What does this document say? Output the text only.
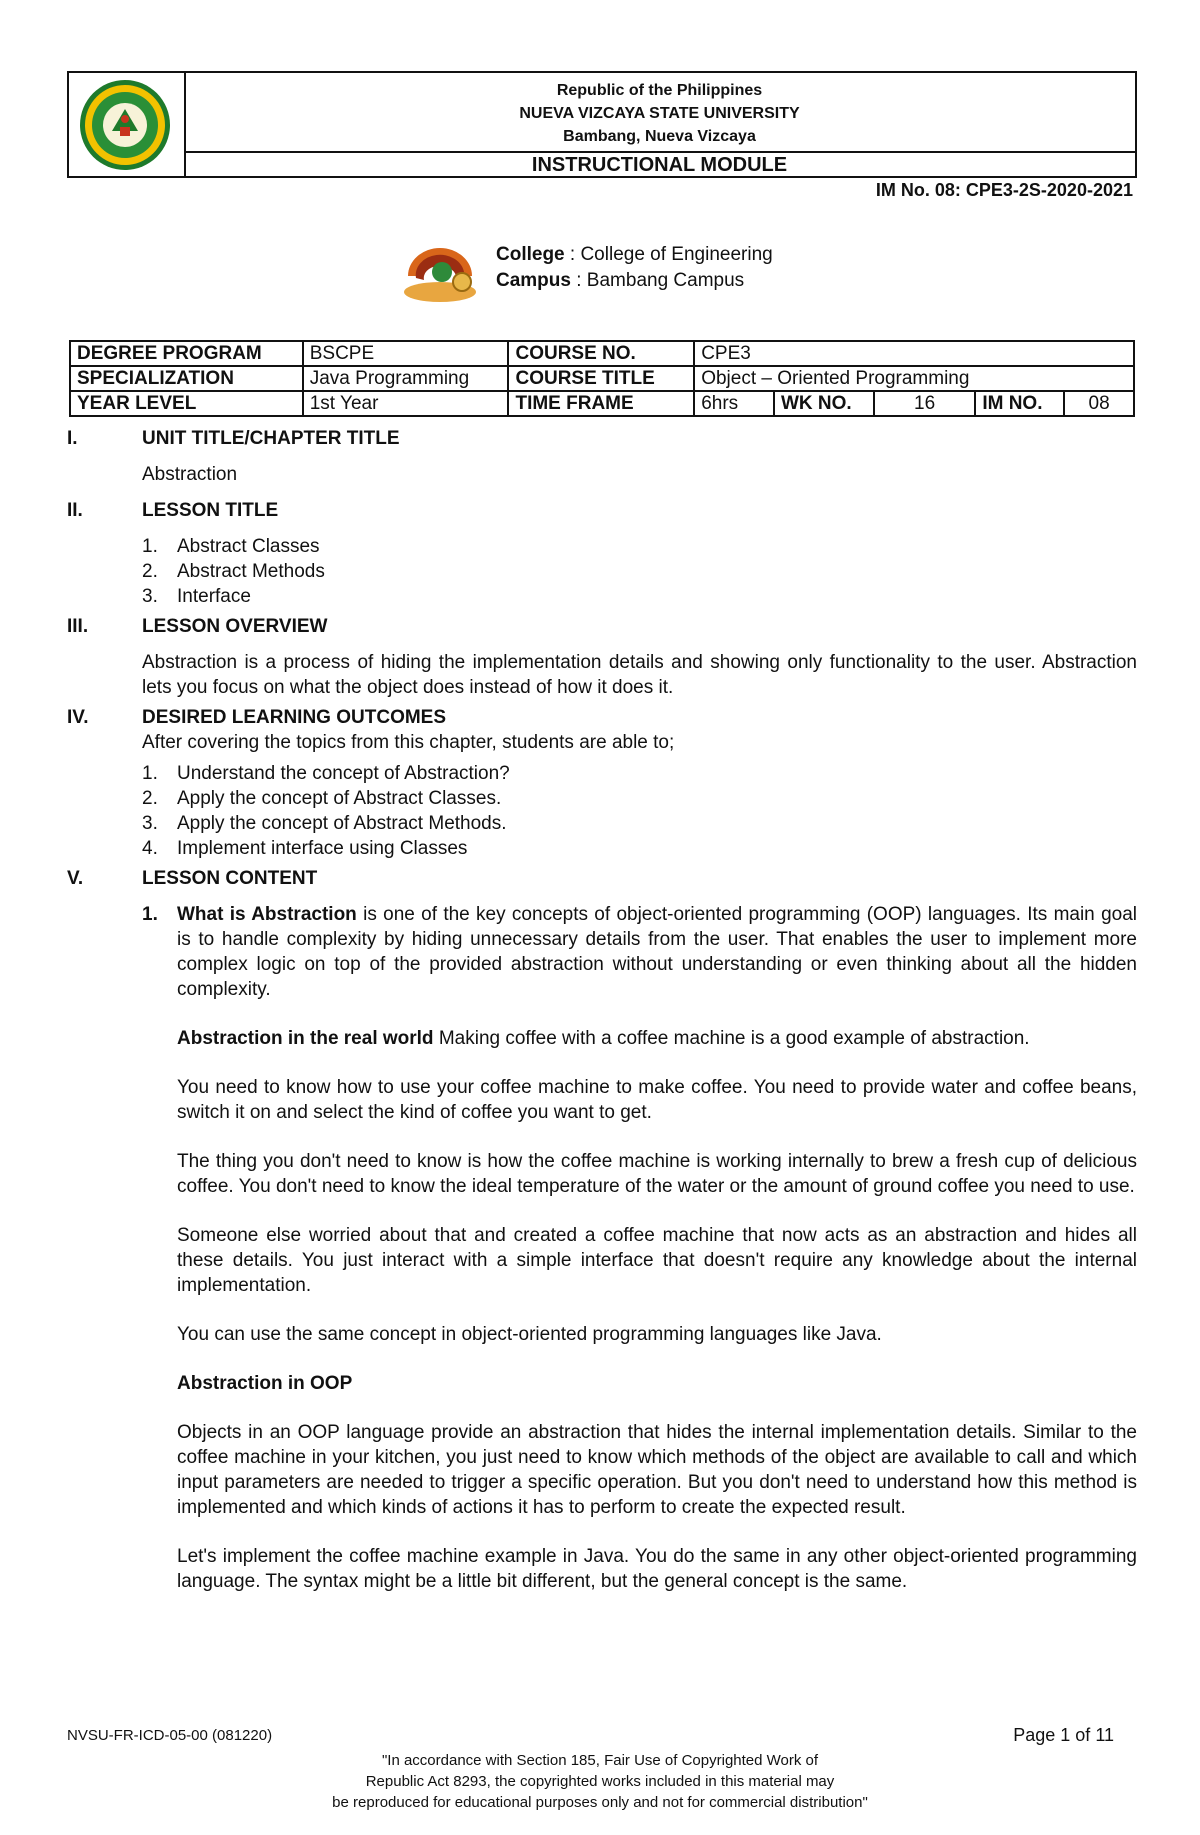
Republic of the Philippines
NUEVA VIZCAYA STATE UNIVERSITY
Bambang, Nueva Vizcaya
INSTRUCTIONAL MODULE
IM No. 08: CPE3-2S-2020-2021
College : College of Engineering
Campus : Bambang Campus
DEGREE PROGRAM	BSCPE	COURSE NO.	CPE3				
SPECIALIZATION	Java Programming	COURSE TITLE	Object – Oriented Programming				
YEAR LEVEL	1st Year	TIME FRAME	6hrs	WK NO.	16	IM NO.	08
I.	UNIT TITLE/CHAPTER TITLE
Abstraction
II.	LESSON TITLE
1. Abstract Classes
2. Abstract Methods
3. Interface
III.	LESSON OVERVIEW
Abstraction is a process of hiding the implementation details and showing only functionality to the user. Abstraction lets you focus on what the object does instead of how it does it.
IV.	DESIRED LEARNING OUTCOMES
After covering the topics from this chapter, students are able to;
1. Understand the concept of Abstraction?
2. Apply the concept of Abstract Classes.
3. Apply the concept of Abstract Methods.
4. Implement interface using Classes
V.	LESSON CONTENT
1. What is Abstraction is one of the key concepts of object-oriented programming (OOP) languages. Its main goal is to handle complexity by hiding unnecessary details from the user. That enables the user to implement more complex logic on top of the provided abstraction without understanding or even thinking about all the hidden complexity.
Abstraction in the real world Making coffee with a coffee machine is a good example of abstraction.
You need to know how to use your coffee machine to make coffee. You need to provide water and coffee beans, switch it on and select the kind of coffee you want to get.
The thing you don't need to know is how the coffee machine is working internally to brew a fresh cup of delicious coffee. You don't need to know the ideal temperature of the water or the amount of ground coffee you need to use.
Someone else worried about that and created a coffee machine that now acts as an abstraction and hides all these details. You just interact with a simple interface that doesn't require any knowledge about the internal implementation.
You can use the same concept in object-oriented programming languages like Java.
Abstraction in OOP
Objects in an OOP language provide an abstraction that hides the internal implementation details. Similar to the coffee machine in your kitchen, you just need to know which methods of the object are available to call and which input parameters are needed to trigger a specific operation. But you don't need to understand how this method is implemented and which kinds of actions it has to perform to create the expected result.
Let's implement the coffee machine example in Java. You do the same in any other object-oriented programming language. The syntax might be a little bit different, but the general concept is the same.
NVSU-FR-ICD-05-00 (081220)	Page 1 of 11
"In accordance with Section 185, Fair Use of Copyrighted Work of
Republic Act 8293, the copyrighted works included in this material may
be reproduced for educational purposes only and not for commercial distribution"
